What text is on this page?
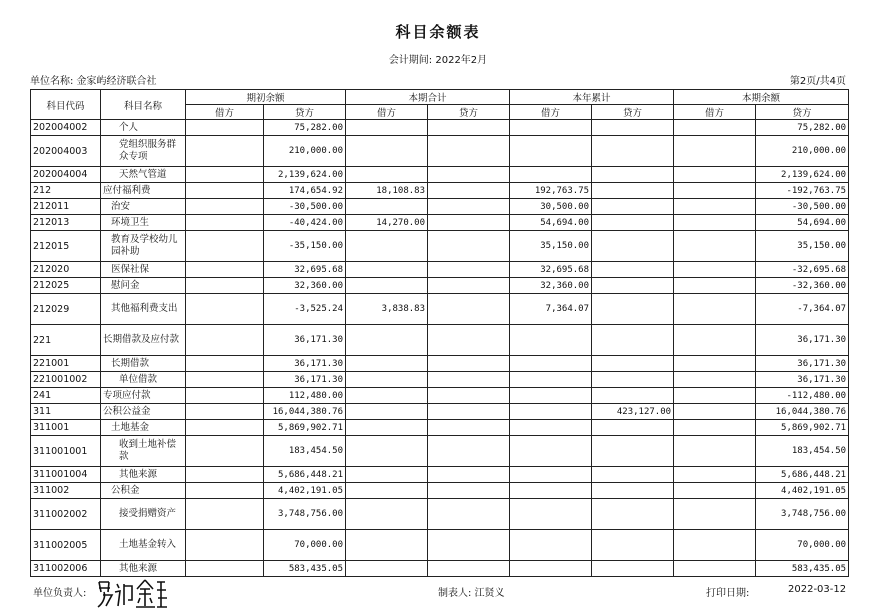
科目余额表
会计期间: 2022年2月
单位名称: 金家屿经济联合社	第2页/共4页
科目代码	科目名称	期初余额		本期合计		本年累计		本期余额	
		借方	贷方	借方	贷方	借方	贷方	借方	贷方
202004002	个人		75,282.00						75,282.00
202004003	党组织服务群众专项		210,000.00						210,000.00
202004004	天然气管道		2,139,624.00						2,139,624.00
212	应付福利费		174,654.92	18,108.83		192,763.75			-192,763.75
212011	治安		-30,500.00			30,500.00			-30,500.00
212013	环境卫生		-40,424.00	14,270.00		54,694.00			54,694.00
212015	教育及学校幼儿园补助		-35,150.00			35,150.00			35,150.00
212020	医保社保		32,695.68			32,695.68			-32,695.68
212025	慰问金		32,360.00			32,360.00			-32,360.00
212029	其他福利费支出		-3,525.24	3,838.83		7,364.07			-7,364.07
221	长期借款及应付款		36,171.30						36,171.30
221001	长期借款		36,171.30						36,171.30
221001002	单位借款		36,171.30						36,171.30
241	专项应付款		112,480.00						-112,480.00
311	公积公益金		16,044,380.76				423,127.00		16,044,380.76
311001	土地基金		5,869,902.71						5,869,902.71
311001001	收到土地补偿款		183,454.50						183,454.50
311001004	其他来源		5,686,448.21						5,686,448.21
311002	公积金		4,402,191.05						4,402,191.05
311002002	接受捐赠资产		3,748,756.00						3,748,756.00
311002005	土地基金转入		70,000.00						70,000.00
311002006	其他来源		583,435.05						583,435.05
单位负责人:	制表人: 江贤义	打印日期:	2022-03-12
